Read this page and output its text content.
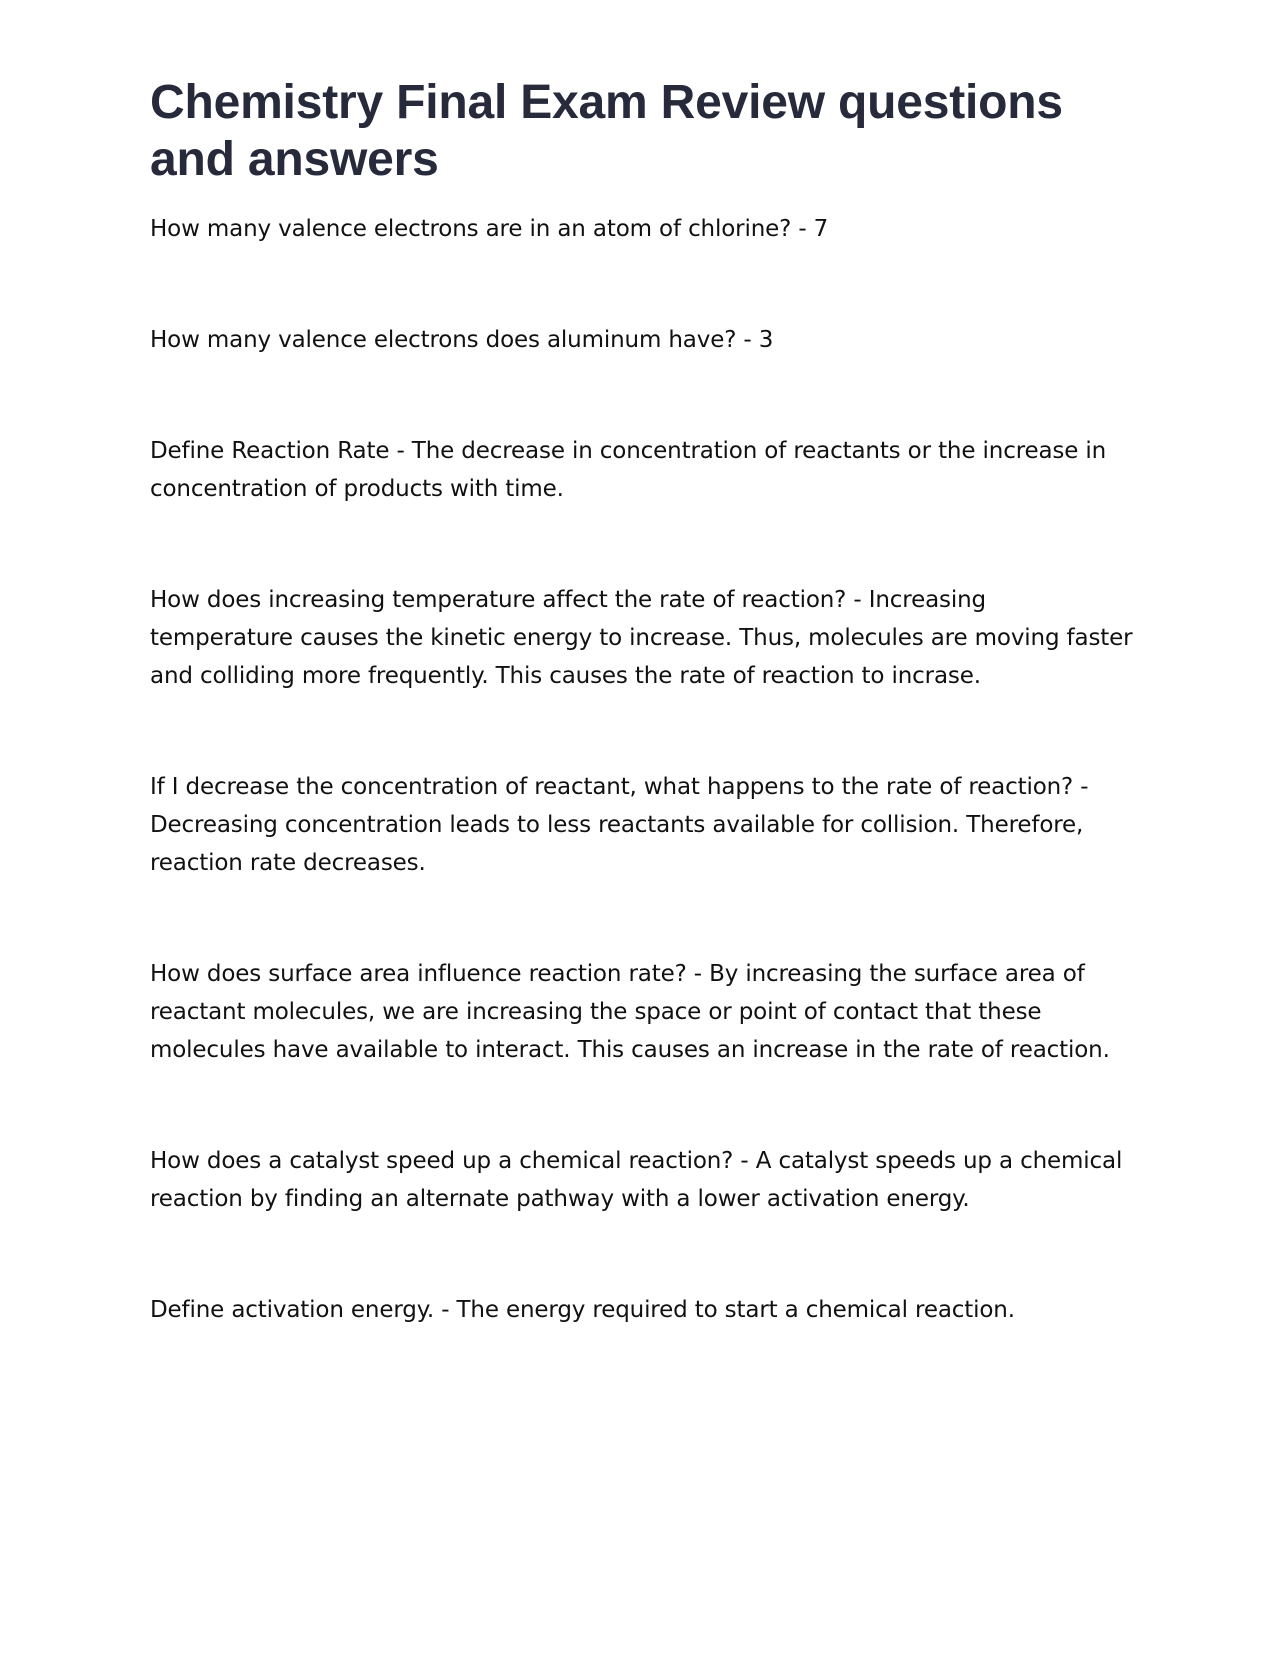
Chemistry Final Exam Review questions and answers

How many valence electrons are in an atom of chlorine? - 7

How many valence electrons does aluminum have? - 3

Define Reaction Rate - The decrease in concentration of reactants or the increase in concentration of products with time.

How does increasing temperature affect the rate of reaction? - Increasing temperature causes the kinetic energy to increase. Thus, molecules are moving faster and colliding more frequently. This causes the rate of reaction to incrase.

If I decrease the concentration of reactant, what happens to the rate of reaction? - Decreasing concentration leads to less reactants available for collision. Therefore, reaction rate decreases.

How does surface area influence reaction rate? - By increasing the surface area of reactant molecules, we are increasing the space or point of contact that these molecules have available to interact. This causes an increase in the rate of reaction.

How does a catalyst speed up a chemical reaction? - A catalyst speeds up a chemical reaction by finding an alternate pathway with a lower activation energy.

Define activation energy. - The energy required to start a chemical reaction.
